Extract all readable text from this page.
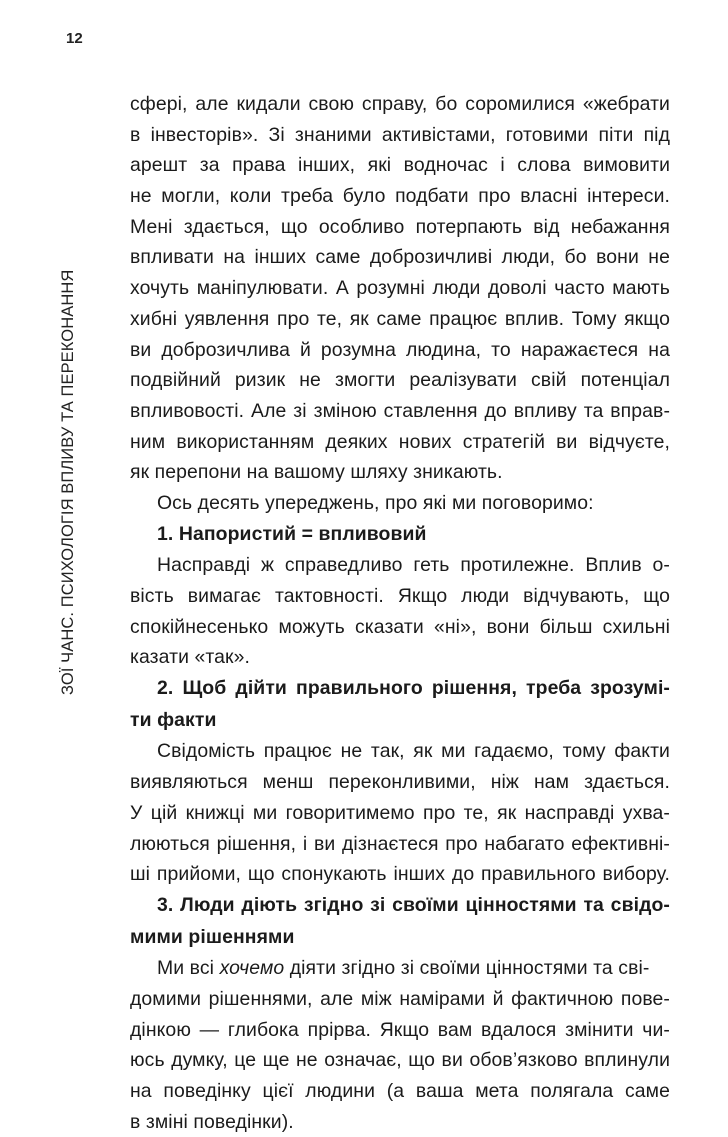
12
ЗОЇ ЧАНС. ПСИХОЛОГІЯ ВПЛИВУ ТА ПЕРЕКОНАННЯ
сфері, але кидали свою справу, бо соромилися «жебрати
в інвесторів». Зі знаними активістами, готовими піти під
арешт за права інших, які водночас і слова вимовити
не могли, коли треба було подбати про власні інтереси.
Мені здається, що особливо потерпають від небажання
впливати на інших саме доброзичливі люди, бо вони не
хочуть маніпулювати. А розумні люди доволі часто мають
хибні уявлення про те, як саме працює вплив. Тому якщо
ви доброзичлива й розумна людина, то наражаєтеся на
подвійний ризик не змогти реалізувати свій потенціал
впливовості. Але зі зміною ставлення до впливу та вправ-
ним використанням деяких нових стратегій ви відчуєте,
як перепони на вашому шляху зникають.
Ось десять упереджень, про які ми поговоримо:
1. Напористий = впливовий
Насправді ж справедливо геть протилежне. Вплив о-
вість вимагає тактовності. Якщо люди відчувають, що
спокійнесенько можуть сказати «ні», вони більш схильні
казати «так».
2. Щоб дійти правильного рішення, треба зрозумі-
ти факти
Свідомість працює не так, як ми гадаємо, тому факти
виявляються менш переконливими, ніж нам здається.
У цій книжці ми говоритимемо про те, як насправді ухва-
люються рішення, і ви дізнаєтеся про набагато ефективні-
ші прийоми, що спонукають інших до правильного вибору.
3. Люди діють згідно зі своїми цінностями та свідо-
мими рішеннями
Ми всі хочемо діяти згідно зі своїми цінностями та свi-
домими рішеннями, але між намірами й фактичною пове-
дінкою — глибока прірва. Якщо вам вдалося змінити чи-
юсь думку, це ще не означає, що ви обов’язково вплинули
на поведінку цієї людини (а ваша мета полягала саме
в зміні поведінки).
